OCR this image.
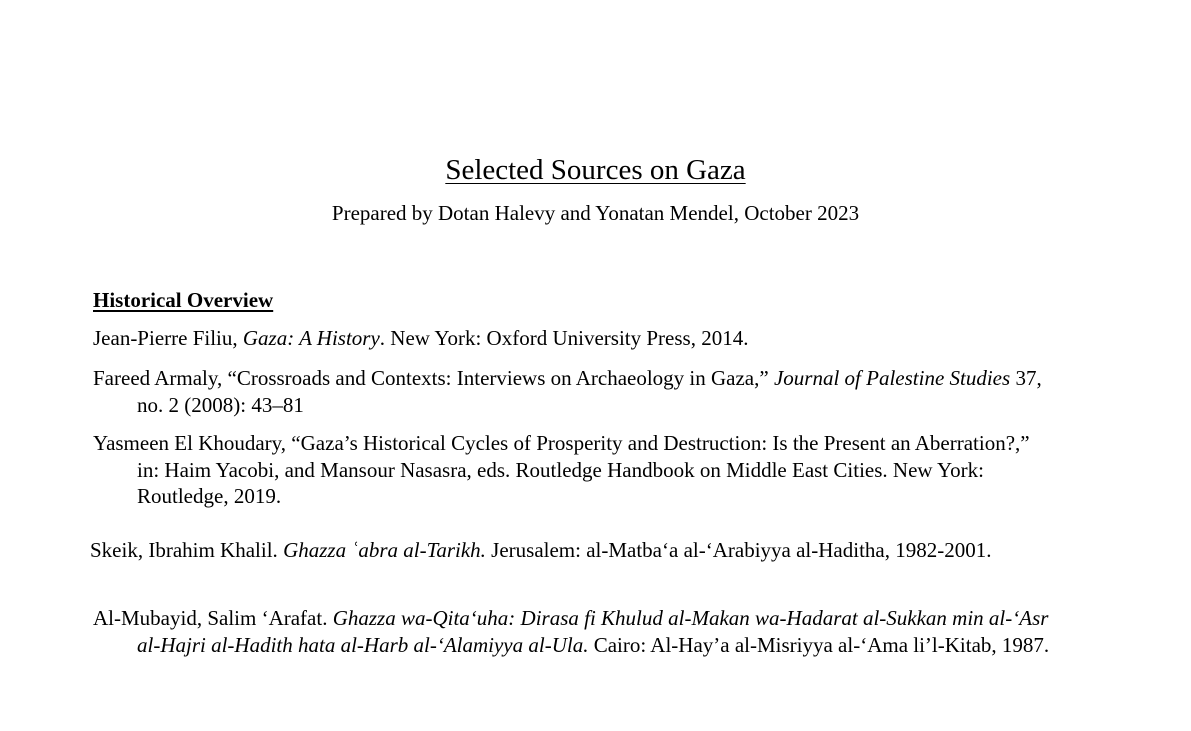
Selected Sources on Gaza
Prepared by Dotan Halevy and Yonatan Mendel, October 2023
Historical Overview

Jean-Pierre Filiu, Gaza: A History. New York: Oxford University Press, 2014.

Fareed Armaly, “Crossroads and Contexts: Interviews on Archaeology in Gaza,” Journal of Palestine Studies 37, no. 2 (2008): 43–81

Yasmeen El Khoudary, “Gaza’s Historical Cycles of Prosperity and Destruction: Is the Present an Aberration?,” in: Haim Yacobi, and Mansour Nasasra, eds. Routledge Handbook on Middle East Cities. New York: Routledge, 2019.

Skeik, Ibrahim Khalil. Ghazza ʿabra al-Tarikh. Jerusalem: al-Matba‘a al-‘Arabiyya al-Haditha, 1982-2001.

Al-Mubayid, Salim ‘Arafat. Ghazza wa-Qita‘uha: Dirasa fi Khulud al-Makan wa-Hadarat al-Sukkan min al-‘Asr al-Hajri al-Hadith hata al-Harb al-‘Alamiyya al-Ula. Cairo: Al-Hay’a al-Misriyya al-‘Ama li’l-Kitab, 1987.
